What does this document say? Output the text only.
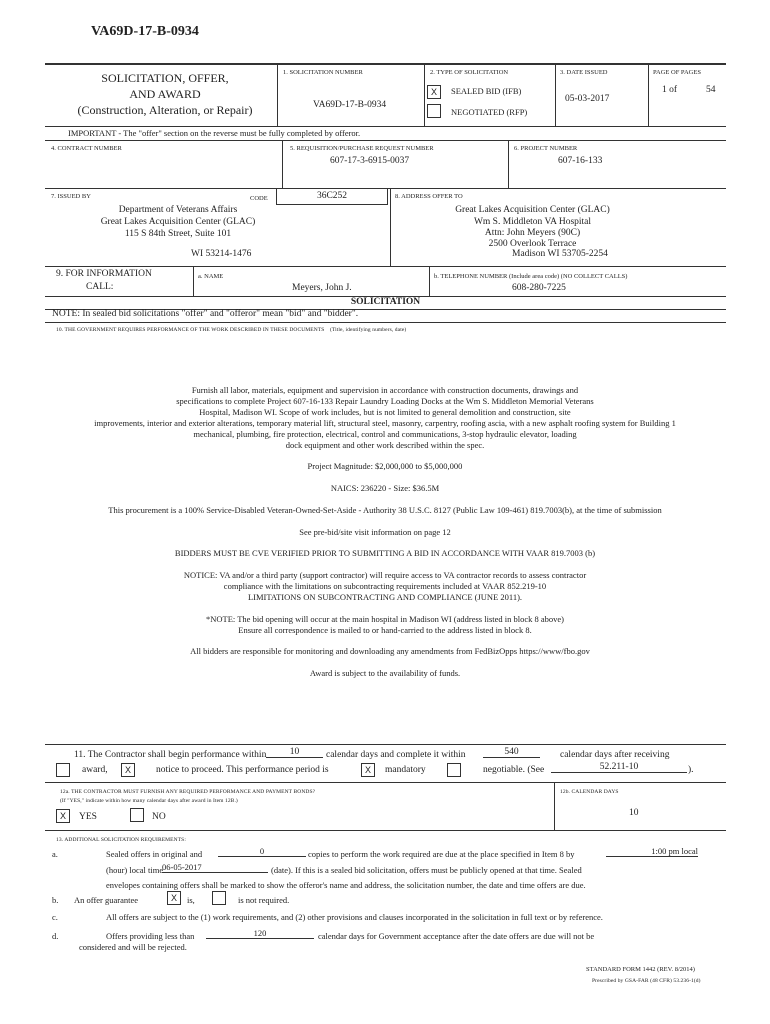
VA69D-17-B-0934
SOLICITATION, OFFER,
AND AWARD
(Construction, Alteration, or Repair)
1. SOLICITATION NUMBER
VA69D-17-B-0934
2. TYPE OF SOLICITATION
X	SEALED BID (IFB)
NEGOTIATED (RFP)
3. DATE ISSUED
05-03-2017
PAGE OF PAGES
1 of	54
IMPORTANT - The "offer" section on the reverse must be fully completed by offeror.
4. CONTRACT NUMBER	5. REQUISITION/PURCHASE REQUEST NUMBER
607-17-3-6915-0037
6. PROJECT NUMBER
607-16-133
7. ISSUED BY	CODE	36C252
Department of Veterans Affairs
Great Lakes Acquisition Center (GLAC)
115 S 84th Street, Suite 101
WI 53214-1476
8. ADDRESS OFFER TO
Great Lakes Acquisition Center (GLAC)
Wm S. Middleton VA Hospital
Attn: John Meyers (90C)
2500 Overlook Terrace
Madison WI 53705-2254
9. FOR INFORMATION
CALL:
a. NAME
Meyers, John J.
b. TELEPHONE NUMBER (Include area code) (NO COLLECT CALLS)
608-280-7225
SOLICITATION
NOTE: In sealed bid solicitations "offer" and "offeror" mean "bid" and "bidder".
10. THE GOVERNMENT REQUIRES PERFORMANCE OF THE WORK DESCRIBED IN THESE DOCUMENTS (Title, identifying numbers, date)
Furnish all labor, materials, equipment and supervision in accordance with construction documents, drawings and
specifications to complete Project 607-16-133 Repair Laundry Loading Docks at the Wm S. Middleton Memorial Veterans
Hospital, Madison WI. Scope of work includes, but is not limited to general demolition and construction, site
improvements, interior and exterior alterations, temporary material lift, structural steel, masonry, carpentry, roofing ascia, with a new asphalt roofing system for Building 1
mechanical, plumbing, fire protection, electrical, control and communications, 3-stop hydraulic elevator, loading
dock equipment and other work described within the spec.
Project Magnitude: $2,000,000 to $5,000,000
NAICS: 236220 - Size: $36.5M
This procurement is a 100% Service-Disabled Veteran-Owned-Set-Aside - Authority 38 U.S.C. 8127 (Public Law 109-461) 819.7003(b), at the time of submission
See pre-bid/site visit information on page 12
BIDDERS MUST BE CVE VERIFIED PRIOR TO SUBMITTING A BID IN ACCORDANCE WITH VAAR 819.7003 (b)
NOTICE: VA and/or a third party (support contractor) will require access to VA contractor records to assess contractor
compliance with the limitations on subcontracting requirements included at VAAR 852.219-10
LIMITATIONS ON SUBCONTRACTING AND COMPLIANCE (JUNE 2011).
*NOTE: The bid opening will occur at the main hospital in Madison WI (address listed in block 8 above)
Ensure all correspondence is mailed to or hand-carried to the address listed in block 8.
All bidders are responsible for monitoring and downloading any amendments from FedBizOpps https://www/fbo.gov
Award is subject to the availability of funds.
11. The Contractor shall begin performance within	10	calendar days and complete it within	540	calendar days after receiving
award,	X	notice to proceed. This performance period is	X	mandatory	negotiable. (See	52.211-10	).
12a. THE CONTRACTOR MUST FURNISH ANY REQUIRED PERFORMANCE AND PAYMENT BONDS?
(If "YES," indicate within how many calendar days after award in Item 12B.)
X	YES	NO
12b. CALENDAR DAYS
10
13. ADDITIONAL SOLICITATION REQUIREMENTS:
a.	Sealed offers in original and	0	copies to perform the work required are due at the place specified in Item 8 by	1:00 pm local
(hour) local time
06-05-2017	(date). If this is a sealed bid solicitation, offers must be publicly opened at that time. Sealed
envelopes containing offers shall be marked to show the offeror's name and address, the solicitation number, the date and time offers are due.
b. An offer guarantee	X	is,	is not required.
c.	All offers are subject to the (1) work requirements, and (2) other provisions and clauses incorporated in the solicitation in full text or by reference.
d.	Offers providing less than	120	calendar days for Government acceptance after the date offers are due will not be
considered and will be rejected.
STANDARD FORM 1442 (REV. 8/2014)
Prescribed by GSA-FAR (48 CFR) 53.236-1(d)
